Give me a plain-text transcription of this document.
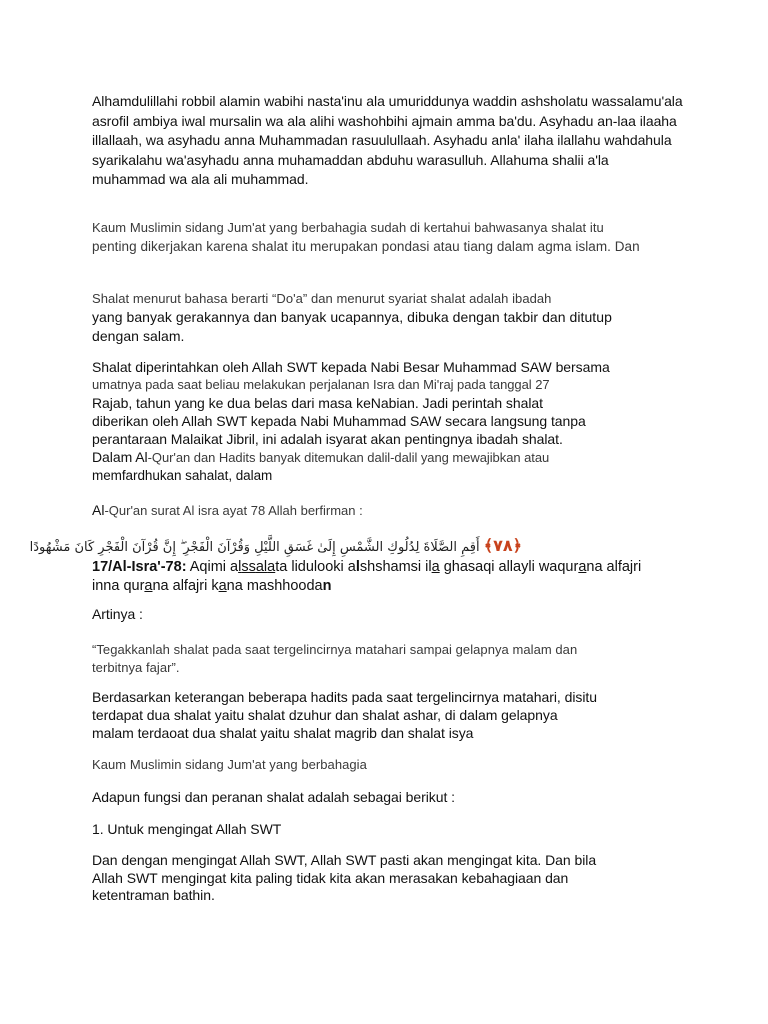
Alhamdulillahi robbil alamin wabihi nasta'inu ala umuriddunya waddin ashsholatu wassalamu'ala
asrofil ambiya iwal mursalin wa ala alihi washohbihi ajmain amma ba'du. Asyhadu an-laa ilaaha
illallaah, wa asyhadu anna Muhammadan rasuulullaah. Asyhadu anla' ilaha ilallahu wahdahula
syarikalahu wa'asyhadu anna muhamaddan abduhu warasulluh. Allahuma shalii a'la
muhammad wa ala ali muhammad.

Kaum Muslimin sidang Jum'at yang berbahagia sudah di kertahui bahwasanya shalat itu
penting dikerjakan karena shalat itu merupakan pondasi atau tiang dalam agma islam. Dan

Shalat menurut bahasa berarti “Do'a” dan menurut syariat shalat adalah ibadah
yang banyak gerakannya dan banyak ucapannya, dibuka dengan takbir dan ditutup
dengan salam.

Shalat diperintahkan oleh Allah SWT kepada Nabi Besar Muhammad SAW bersama
umatnya pada saat beliau melakukan perjalanan Isra dan Mi'raj pada tanggal 27
Rajab, tahun yang ke dua belas dari masa keNabian. Jadi perintah shalat
diberikan oleh Allah SWT kepada Nabi Muhammad SAW secara langsung tanpa
perantaraan Malaikat Jibril, ini adalah isyarat akan pentingnya ibadah shalat.
Dalam Al-Qur'an dan Hadits banyak ditemukan dalil-dalil yang mewajibkan atau
memfardhukan sahalat, dalam

Al-Qur'an surat Al isra ayat 78 Allah berfirman :

﴿٧٨﴾ أَقِمِ الصَّلَاةَ لِدُلُوكِ الشَّمْسِ إِلَىٰ غَسَقِ اللَّيْلِ وَقُرْآنَ الْفَجْرِ ۖ إِنَّ قُرْآنَ الْفَجْرِ كَانَ مَشْهُودًا

17/Al-Isra'-78: Aqimi alssalata lidulooki alshshamsi ila ghasaqi allayli waqurana alfajri
inna qurana alfajri kana mashhoodan

Artinya :

“Tegakkanlah shalat pada saat tergelincirnya matahari sampai gelapnya malam dan
terbitnya fajar”.

Berdasarkan keterangan beberapa hadits pada saat tergelincirnya matahari, disitu
terdapat dua shalat yaitu shalat dzuhur dan shalat ashar, di dalam gelapnya
malam terdaoat dua shalat yaitu shalat magrib dan shalat isya

Kaum Muslimin sidang Jum'at yang berbahagia

Adapun fungsi dan peranan shalat adalah sebagai berikut :

1. Untuk mengingat Allah SWT

Dan dengan mengingat Allah SWT, Allah SWT pasti akan mengingat kita. Dan bila
Allah SWT mengingat kita paling tidak kita akan merasakan kebahagiaan dan
ketentraman bathin.
